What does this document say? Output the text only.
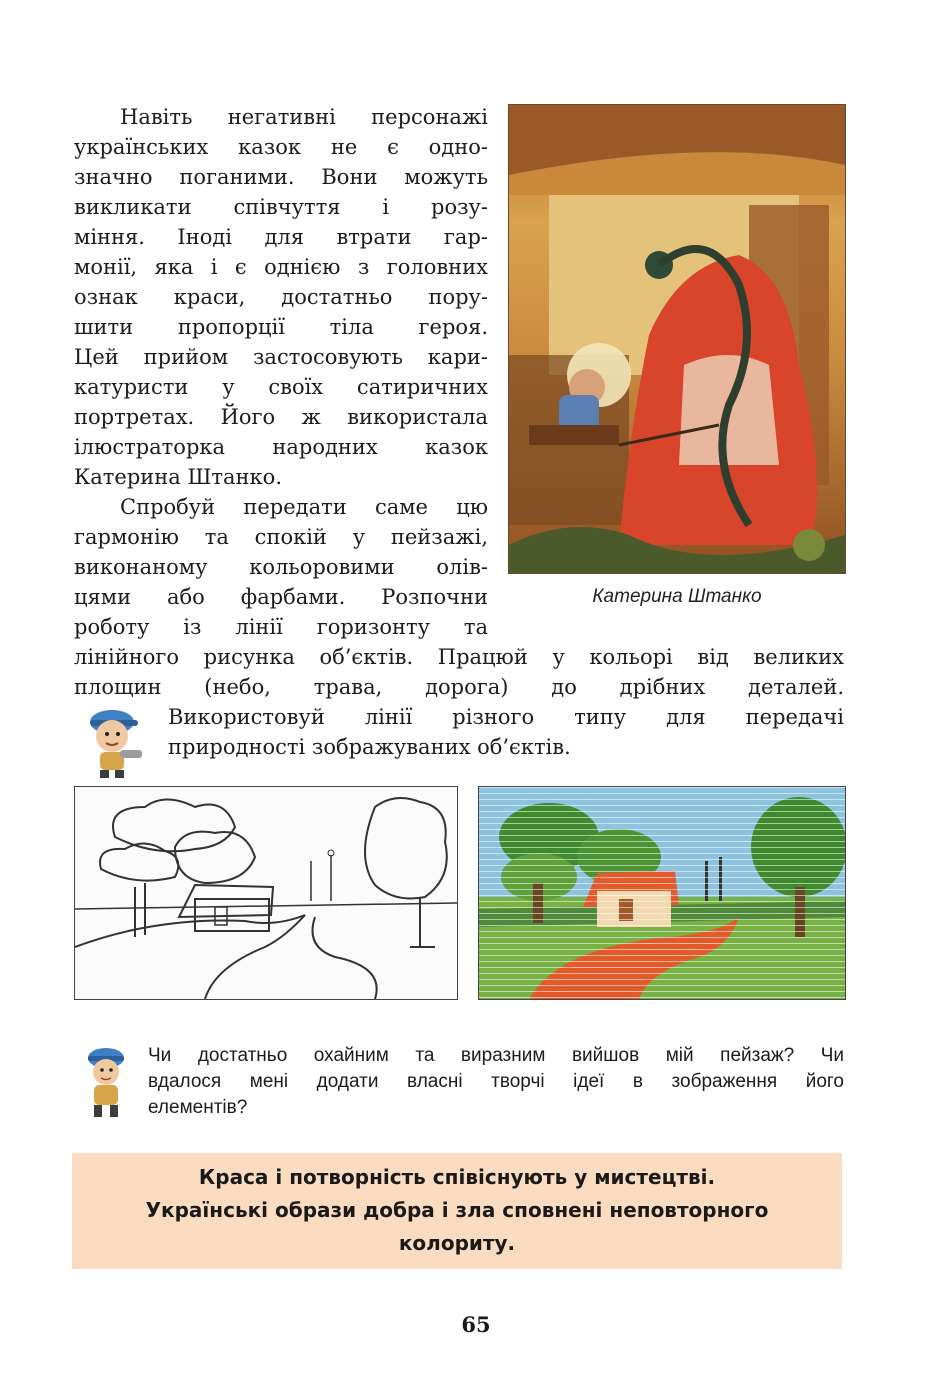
Навіть негативні персонажі
українських казок не є одно-
значно поганими. Вони можуть
викликати співчуття і розу-
міння. Іноді для втрати гар-
монії, яка і є однією з головних
ознак краси, достатньо пору-
шити пропорції тіла героя.
Цей прийом застосовують кари-
катуристи у своїх сатиричних
портретах. Його ж використала
ілюстраторка народних казок
Катерина Штанко.
Спробуй передати саме цю
гармонію та спокій у пейзажі,
виконаному кольоровими олів-
цями або фарбами. Розпочни
роботу із лінії горизонту та
лінійного рисунка об’єктів. Працюй у кольорі від великих
площин (небо, трава, дорога) до дрібних деталей.
Використовуй лінії різного типу для передачі
природності зображуваних об’єктів.
Катерина Штанко
Чи достатньо охайним та виразним вийшов мій пейзаж? Чи
вдалося мені додати власні творчі ідеї в зображення його
елементів?
Краса і потворність співіснують у мистецтві.
Українські образи добра і зла сповнені неповторного
колориту.
65
